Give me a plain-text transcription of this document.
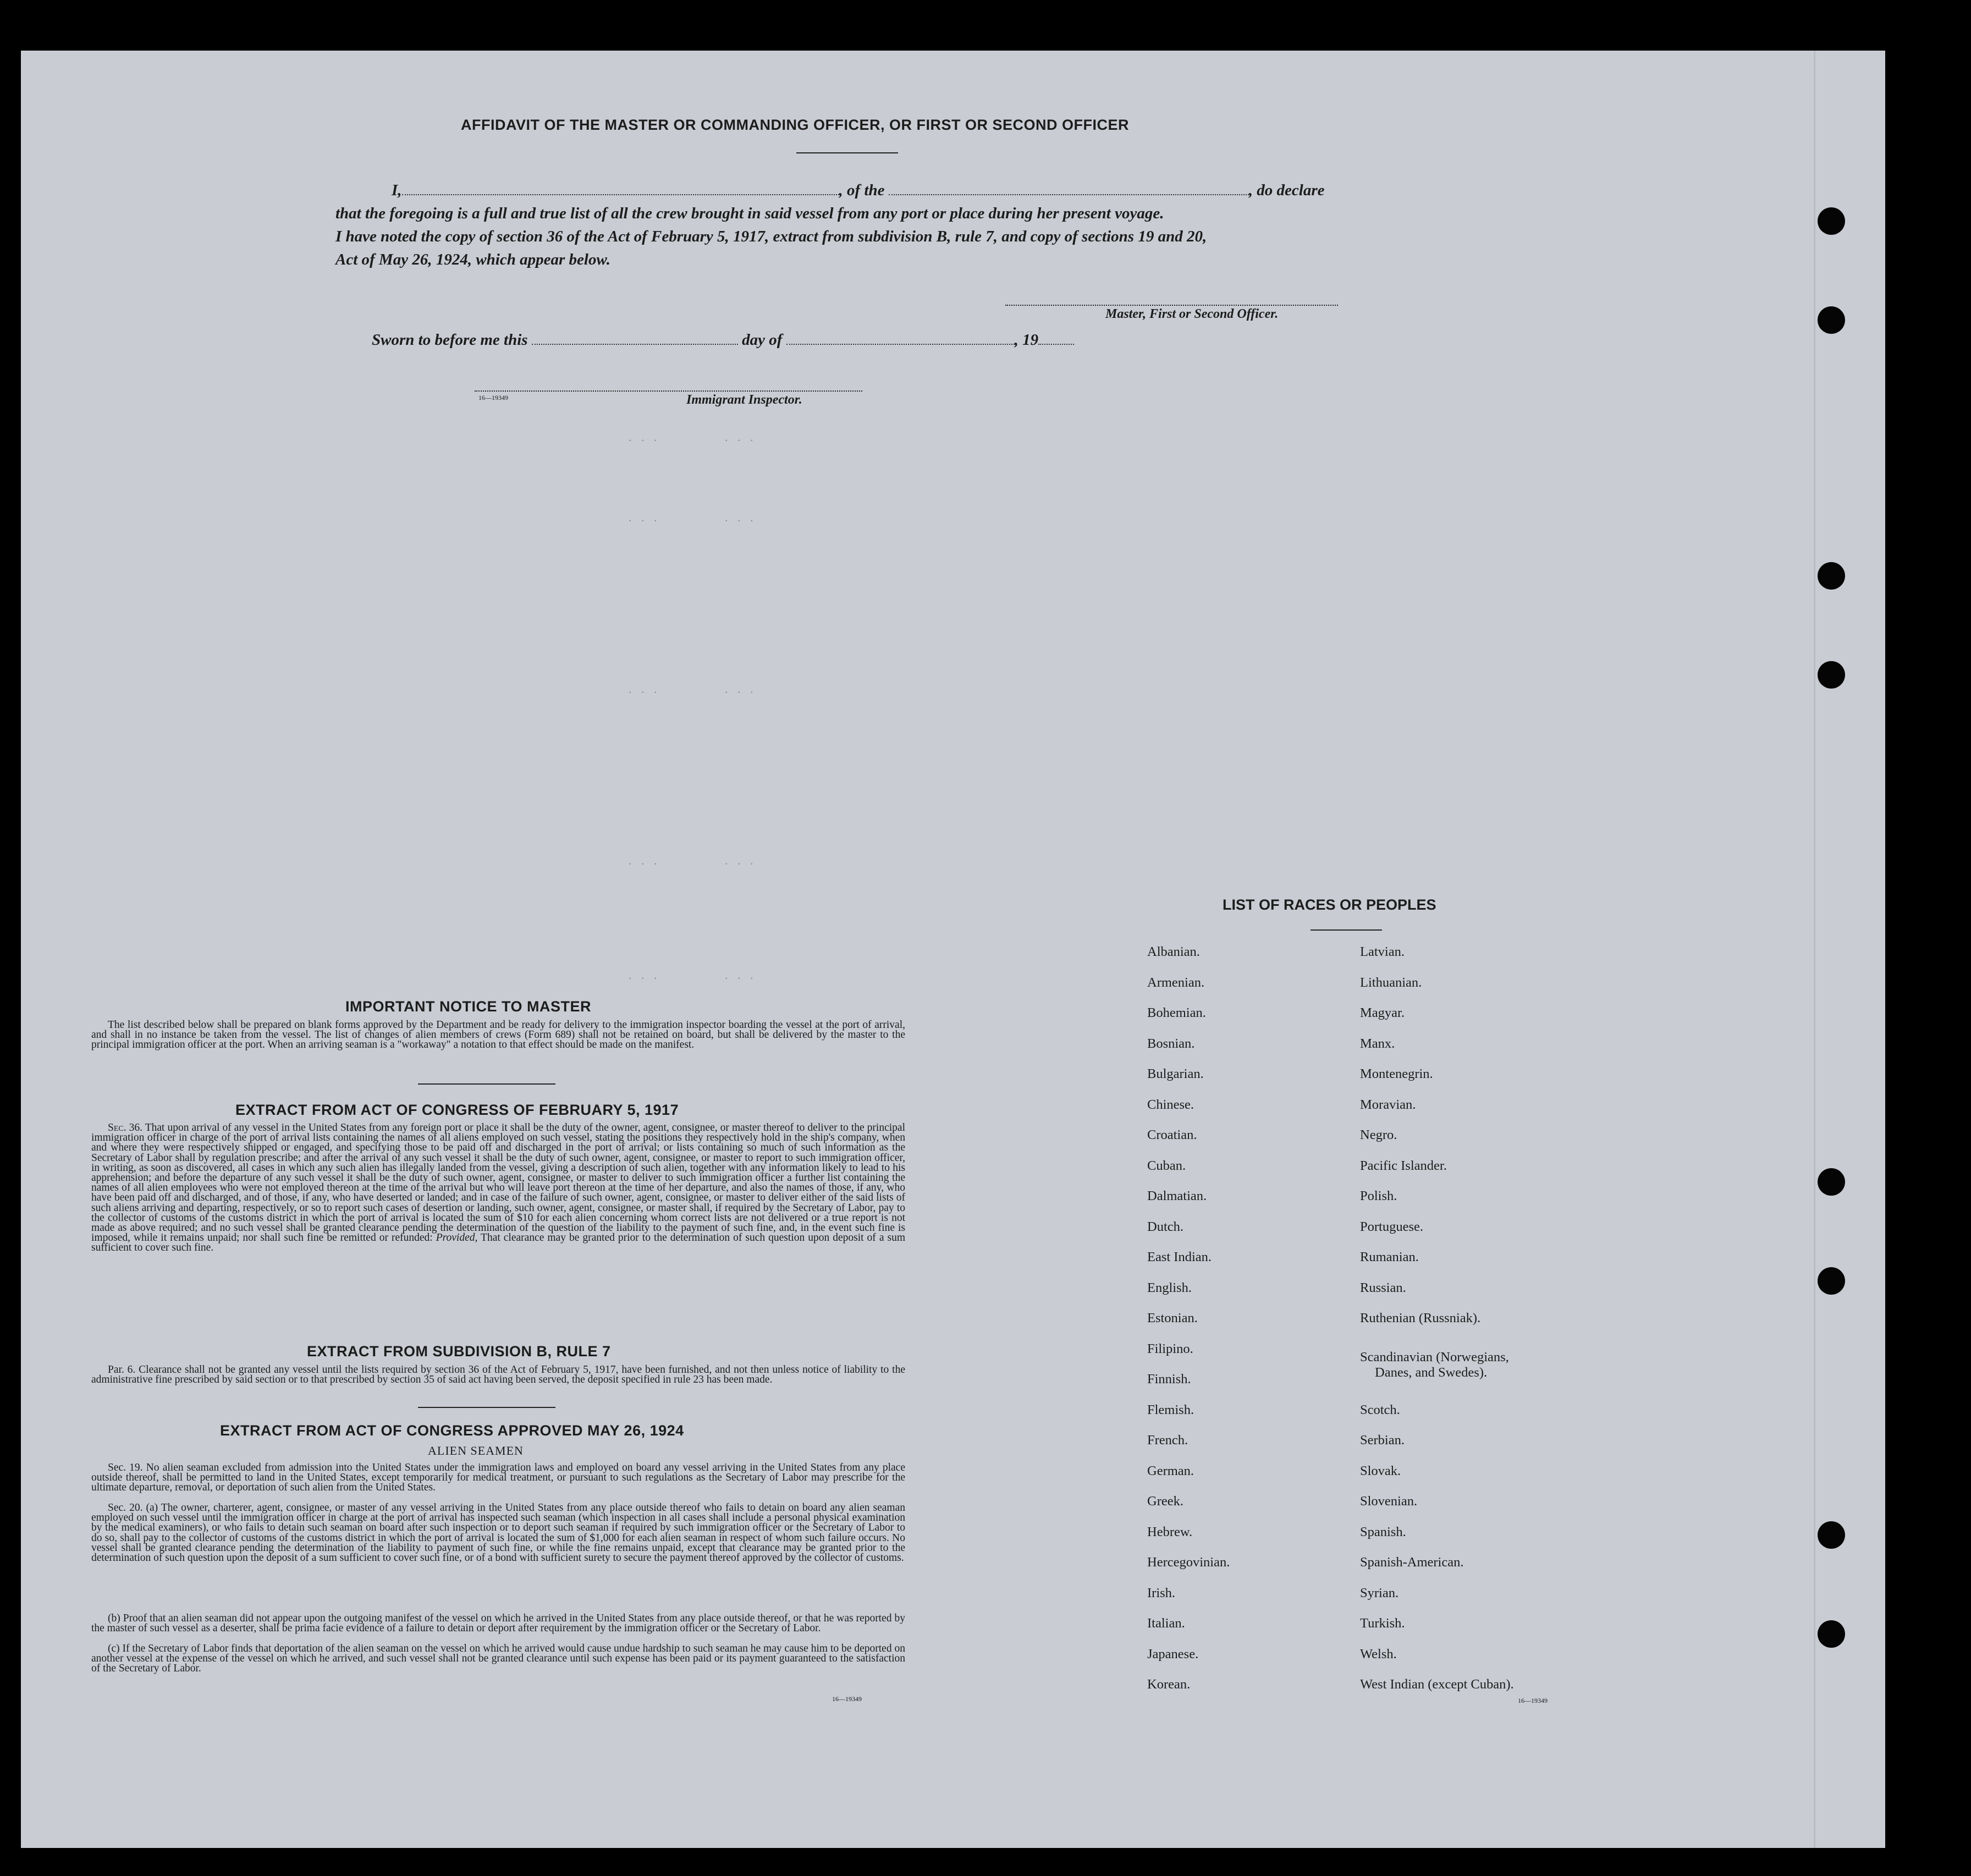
AFFIDAVIT OF THE MASTER OR COMMANDING OFFICER, OR FIRST OR SECOND OFFICER
I,	, of the	, do declare
that the foregoing is a full and true list of all the crew brought in said vessel from any port or place during her present voyage.
I have noted the copy of section 36 of the Act of February 5, 1917, extract from subdivision B, rule 7, and copy of sections 19 and 20,
Act of May 26, 1924, which appear below.
Master, First or Second Officer.
Sworn to before me this	day of	, 19
16—19349	Immigrant Inspector.
. . .	. . .
. . .	. . .
. . .	. . .
. . .	. . .
. . .	. . .
IMPORTANT NOTICE TO MASTER

The list described below shall be prepared on blank forms approved by the Department and be ready for delivery to the immigration inspector boarding the vessel at the port of arrival, and shall in no instance be taken from the vessel. The list of changes of alien members of crews (Form 689) shall not be retained on board, but shall be delivered by the master to the principal immigration officer at the port. When an arriving seaman is a "workaway" a notation to that effect should be made on the manifest.

EXTRACT FROM ACT OF CONGRESS OF FEBRUARY 5, 1917

Sec. 36. That upon arrival of any vessel in the United States from any foreign port or place it shall be the duty of the owner, agent, consignee, or master thereof to deliver to the principal immigration officer in charge of the port of arrival lists containing the names of all aliens employed on such vessel, stating the positions they respectively hold in the ship's company, when and where they were respectively shipped or engaged, and specifying those to be paid off and discharged in the port of arrival; or lists containing so much of such information as the Secretary of Labor shall by regulation prescribe; and after the arrival of any such vessel it shall be the duty of such owner, agent, consignee, or master to report to such immigration officer, in writing, as soon as discovered, all cases in which any such alien has illegally landed from the vessel, giving a description of such alien, together with any information likely to lead to his apprehension; and before the departure of any such vessel it shall be the duty of such owner, agent, consignee, or master to deliver to such immigration officer a further list containing the names of all alien employees who were not employed thereon at the time of the arrival but who will leave port thereon at the time of her departure, and also the names of those, if any, who have been paid off and discharged, and of those, if any, who have deserted or landed; and in case of the failure of such owner, agent, consignee, or master to deliver either of the said lists of such aliens arriving and departing, respectively, or so to report such cases of desertion or landing, such owner, agent, consignee, or master shall, if required by the Secretary of Labor, pay to the collector of customs of the customs district in which the port of arrival is located the sum of $10 for each alien concerning whom correct lists are not delivered or a true report is not made as above required; and no such vessel shall be granted clearance pending the determination of the question of the liability to the payment of such fine, and, in the event such fine is imposed, while it remains unpaid; nor shall such fine be remitted or refunded: Provided, That clearance may be granted prior to the determination of such question upon deposit of a sum sufficient to cover such fine.

EXTRACT FROM SUBDIVISION B, RULE 7

Par. 6. Clearance shall not be granted any vessel until the lists required by section 36 of the Act of February 5, 1917, have been furnished, and not then unless notice of liability to the administrative fine prescribed by said section or to that prescribed by section 35 of said act having been served, the deposit specified in rule 23 has been made.

EXTRACT FROM ACT OF CONGRESS APPROVED MAY 26, 1924
ALIEN SEAMEN

Sec. 19. No alien seaman excluded from admission into the United States under the immigration laws and employed on board any vessel arriving in the United States from any place outside thereof, shall be permitted to land in the United States, except temporarily for medical treatment, or pursuant to such regulations as the Secretary of Labor may prescribe for the ultimate departure, removal, or deportation of such alien from the United States.

Sec. 20. (a) The owner, charterer, agent, consignee, or master of any vessel arriving in the United States from any place outside thereof who fails to detain on board any alien seaman employed on such vessel until the immigration officer in charge at the port of arrival has inspected such seaman (which inspection in all cases shall include a personal physical examination by the medical examiners), or who fails to detain such seaman on board after such inspection or to deport such seaman if required by such immigration officer or the Secretary of Labor to do so, shall pay to the collector of customs of the customs district in which the port of arrival is located the sum of $1,000 for each alien seaman in respect of whom such failure occurs. No vessel shall be granted clearance pending the determination of the liability to payment of such fine, or while the fine remains unpaid, except that clearance may be granted prior to the determination of such question upon the deposit of a sum sufficient to cover such fine, or of a bond with sufficient surety to secure the payment thereof approved by the collector of customs.

(b) Proof that an alien seaman did not appear upon the outgoing manifest of the vessel on which he arrived in the United States from any place outside thereof, or that he was reported by the master of such vessel as a deserter, shall be prima facie evidence of a failure to detain or deport after requirement by the immigration officer or the Secretary of Labor.

(c) If the Secretary of Labor finds that deportation of the alien seaman on the vessel on which he arrived would cause undue hardship to such seaman he may cause him to be deported on another vessel at the expense of the vessel on which he arrived, and such vessel shall not be granted clearance until such expense has been paid or its payment guaranteed to the satisfaction of the Secretary of Labor.

16—19349
LIST OF RACES OR PEOPLES
Albanian.
Armenian.
Bohemian.
Bosnian.
Bulgarian.
Chinese.
Croatian.
Cuban.
Dalmatian.
Dutch.
East Indian.
English.
Estonian.
Filipino.
Finnish.
Flemish.
French.
German.
Greek.
Hebrew.
Hercegovinian.
Irish.
Italian.
Japanese.
Korean.
Latvian.
Lithuanian.
Magyar.
Manx.
Montenegrin.
Moravian.
Negro.
Pacific Islander.
Polish.
Portuguese.
Rumanian.
Russian.
Ruthenian (Russniak).
Scandinavian (Norwegians,
Danes, and Swedes).
Scotch.
Serbian.
Slovak.
Slovenian.
Spanish.
Spanish-American.
Syrian.
Turkish.
Welsh.
West Indian (except Cuban).
16—19349
